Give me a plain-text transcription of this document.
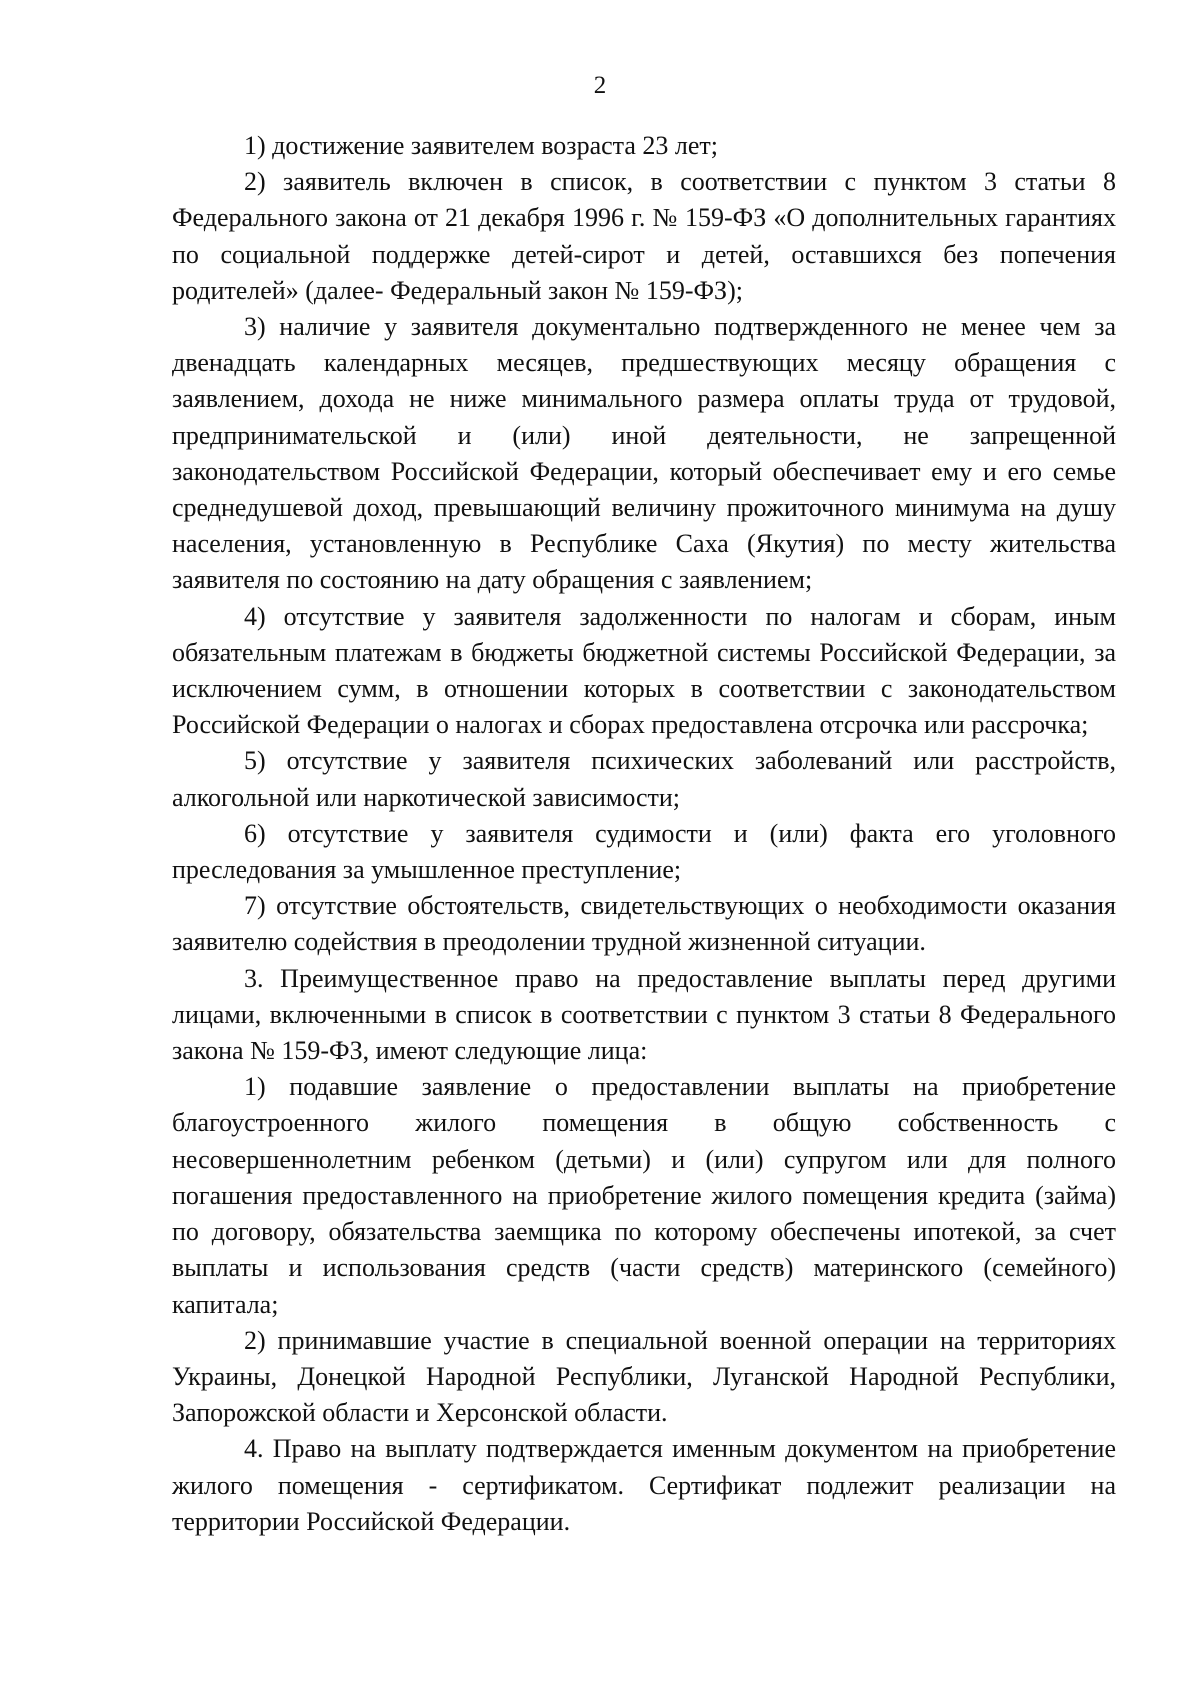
2

1) достижение заявителем возраста 23 лет;

2) заявитель включен в список, в соответствии с пунктом 3 статьи 8 Федерального закона от 21 декабря 1996 г. № 159-ФЗ «О дополнительных гарантиях по социальной поддержке детей-сирот и детей, оставшихся без попечения родителей» (далее- Федеральный закон № 159-ФЗ);

3) наличие у заявителя документально подтвержденного не менее чем за двенадцать календарных месяцев, предшествующих месяцу обращения с заявлением, дохода не ниже минимального размера оплаты труда от трудовой, предпринимательской и (или) иной деятельности, не запрещенной законодательством Российской Федерации, который обеспечивает ему и его семье среднедушевой доход, превышающий величину прожиточного минимума на душу населения, установленную в Республике Саха (Якутия) по месту жительства заявителя по состоянию на дату обращения с заявлением;

4) отсутствие у заявителя задолженности по налогам и сборам, иным обязательным платежам в бюджеты бюджетной системы Российской Федерации, за исключением сумм, в отношении которых в соответствии с законодательством Российской Федерации о налогах и сборах предоставлена отсрочка или рассрочка;

5) отсутствие у заявителя психических заболеваний или расстройств, алкогольной или наркотической зависимости;

6) отсутствие у заявителя судимости и (или) факта его уголовного преследования за умышленное преступление;

7) отсутствие обстоятельств, свидетельствующих о необходимости оказания заявителю содействия в преодолении трудной жизненной ситуации.

3. Преимущественное право на предоставление выплаты перед другими лицами, включенными в список в соответствии с пунктом 3 статьи 8 Федерального закона № 159-ФЗ, имеют следующие лица:

1) подавшие заявление о предоставлении выплаты на приобретение благоустроенного жилого помещения в общую собственность с несовершеннолетним ребенком (детьми) и (или) супругом или для полного погашения предоставленного на приобретение жилого помещения кредита (займа) по договору, обязательства заемщика по которому обеспечены ипотекой, за счет выплаты и использования средств (части средств) материнского (семейного) капитала;

2) принимавшие участие в специальной военной операции на территориях Украины, Донецкой Народной Республики, Луганской Народной Республики, Запорожской области и Херсонской области.

4. Право на выплату подтверждается именным документом на приобретение жилого помещения - сертификатом. Сертификат подлежит реализации на территории Российской Федерации.
